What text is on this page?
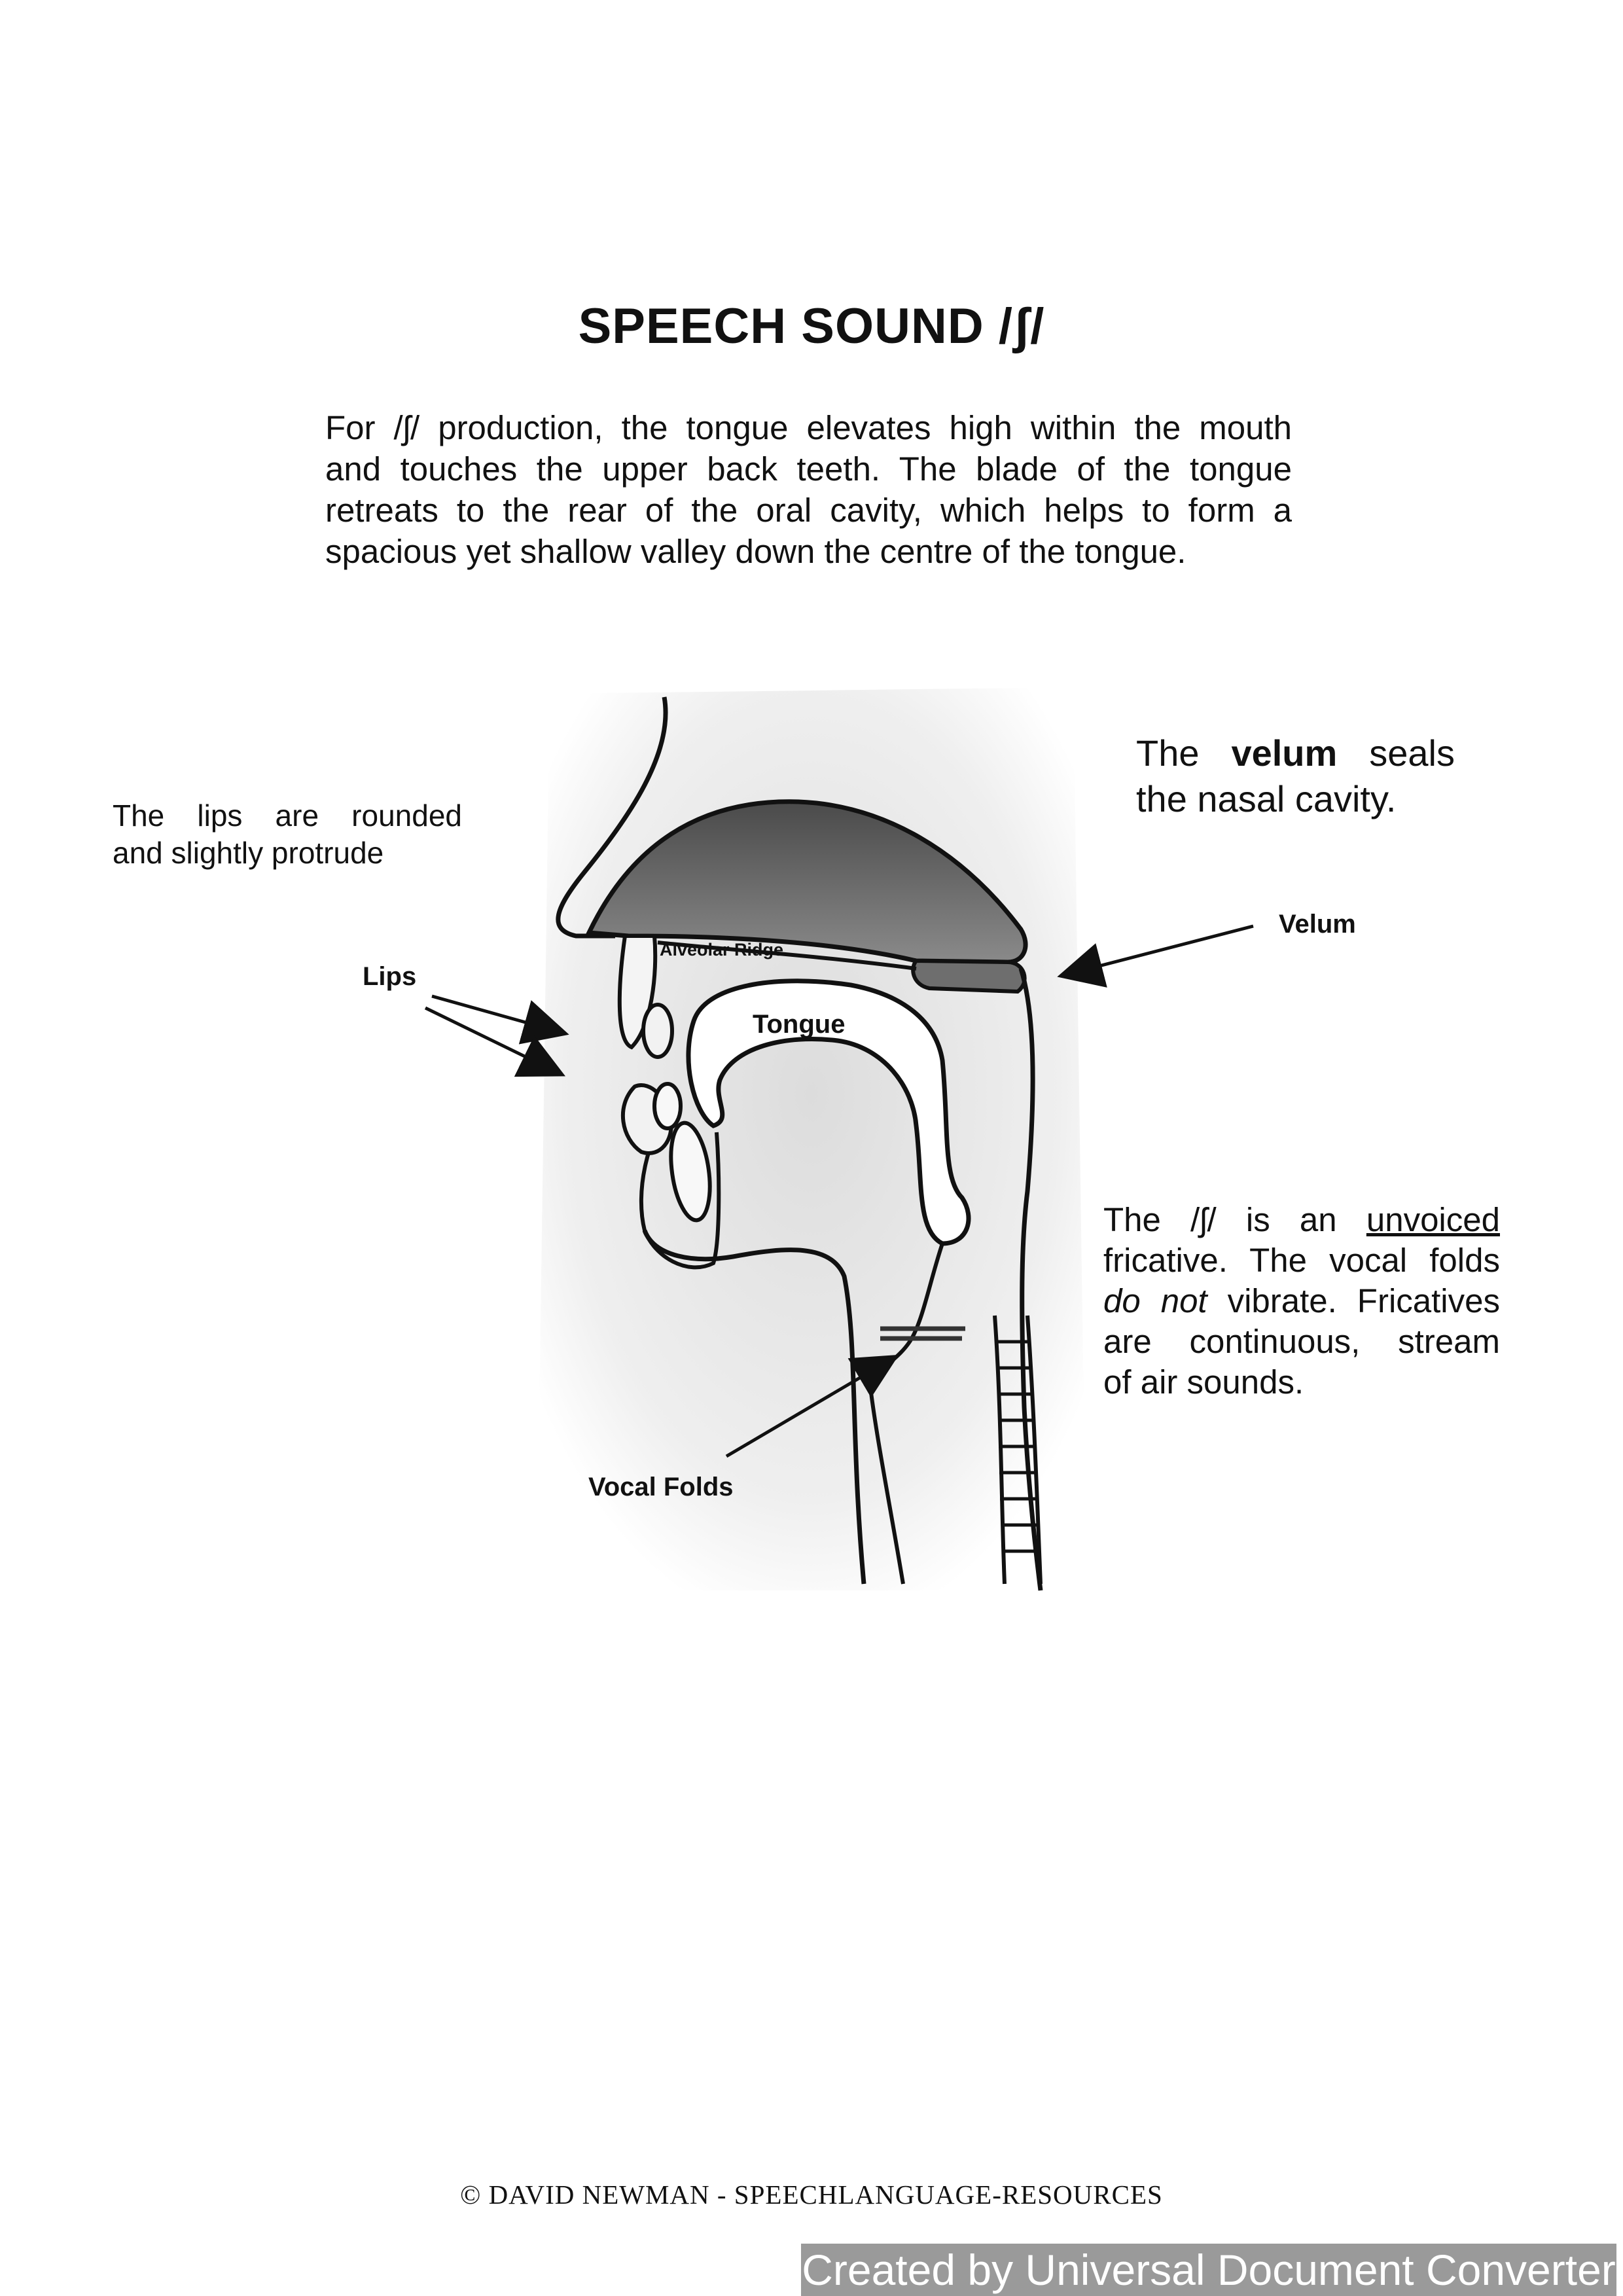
SPEECH SOUND /ʃ/
For /ʃ/ production, the tongue elevates high within the mouth
and touches the upper back teeth. The blade of the tongue
retreats to the rear of the oral cavity, which helps to form a
spacious yet shallow valley down the centre of the tongue.
The lips are rounded
and slightly protrude
The velum seals
the nasal cavity.
The /ʃ/ is an unvoiced
fricative. The vocal folds
do not vibrate. Fricatives
are continuous, stream
of air sounds.
Lips
Alveolar Ridge
Tongue
Velum
Vocal Folds
© DAVID NEWMAN - SPEECHLANGUAGE-RESOURCES
Created by Universal Document Converter
